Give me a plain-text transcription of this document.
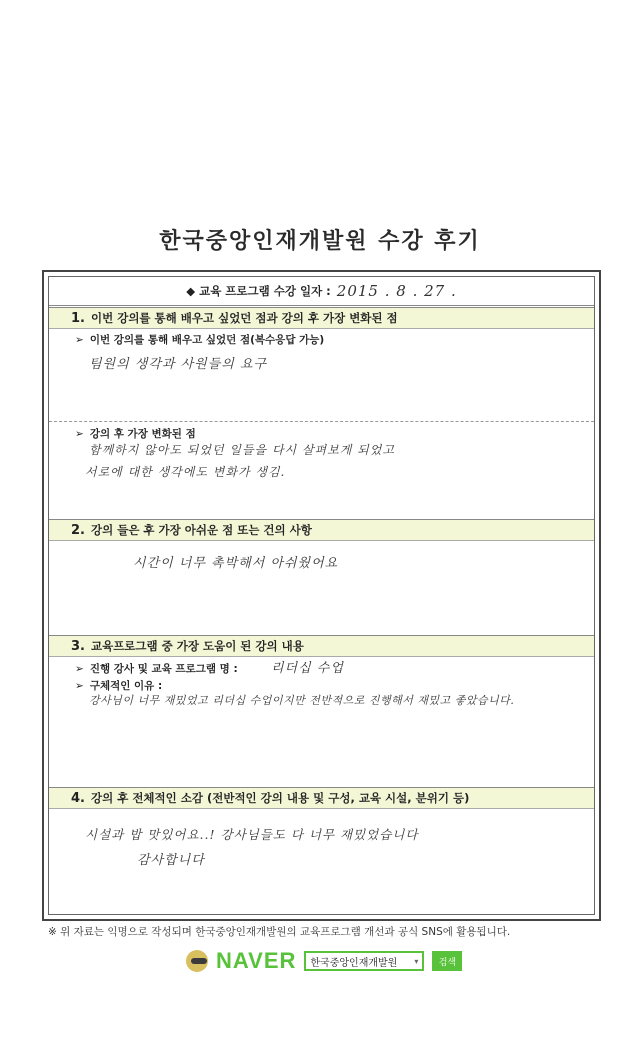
한국중앙인재개발원 수강 후기
◆ 교육 프로그램 수강 일자 : 2015 . 8 . 27 .
1. 이번 강의를 통해 배우고 싶었던 점과 강의 후 가장 변화된 점
➢ 이번 강의를 통해 배우고 싶었던 점(복수응답 가능)
팀원의 생각과 사원들의 요구
➢ 강의 후 가장 변화된 점
함께하지 않아도 되었던 일들을 다시 살펴보게 되었고
서로에 대한 생각에도 변화가 생김.
2. 강의 들은 후 가장 아쉬운 점 또는 건의 사항
시간이 너무 촉박해서 아쉬웠어요
3. 교육프로그램 중 가장 도움이 된 강의 내용
➢ 진행 강사 및 교육 프로그램 명 :	리더십 수업
➢ 구체적인 이유 :
강사님이 너무 재밌었고 리더십 수업이지만 전반적으로 진행해서 재밌고 좋았습니다.
4. 강의 후 전체적인 소감 (전반적인 강의 내용 및 구성, 교육 시설, 분위기 등)
시설과 밥 맛있어요..! 강사님들도 다 너무 재밌었습니다
감사합니다
※ 위 자료는 익명으로 작성되며 한국중앙인재개발원의 교육프로그램 개선과 공식 SNS에 활용됩니다.
NAVER 한국중앙인재개발원 ▾	검색
